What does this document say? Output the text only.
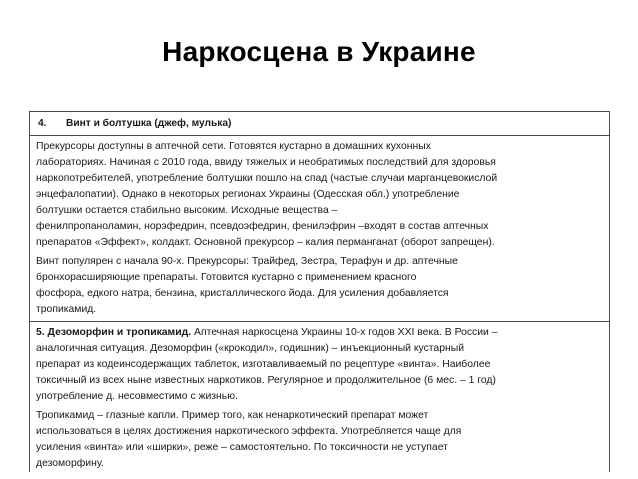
Наркосцена в Украине
4. Винт и болтушка (джеф, мулька)

Прекурсоры доступны в аптечной сети. Готовятся кустарно в домашних кухонных
лабораториях. Начиная с 2010 года, ввиду тяжелых и необратимых последствий для здоровья
наркопотребителей, употребление болтушки пошло на спад (частые случаи марганцевокислой
энцефалопатии). Однако в некоторых регионах Украины (Одесская обл.) употребление
болтушки остается стабильно высоким. Исходные вещества –
фенилпропаноламин, норэфедрин, псевдоэфедрин, фенилэфрин –входят в состав аптечных
препаратов «Эффект», колдакт. Основной прекурсор – калия перманганат (оборот запрещен).

Винт популярен с начала 90-х. Прекурсоры: Трайфед, Зестра, Терафун и др. аптечные
бронхорасширяющие препараты. Готовится кустарно с применением красного
фосфора, едкого натра, бензина, кристаллического йода. Для усиления добавляется
тропикамид.

5. Дезоморфин и тропикамид. Аптечная наркосцена Украины 10-х годов XXI века. В России –
аналогичная ситуация. Дезоморфин («крокодил», годишник) – инъекционный кустарный
препарат из кодеинсодержащих таблеток, изготавливаемый по рецептуре «винта». Наиболее
токсичный из всех ныне известных наркотиков. Регулярное и продолжительное (6 мес. – 1 год)
употребление д. несовместимо с жизнью.

Тропикамид – глазные капли. Пример того, как ненаркотический препарат может
использоваться в целях достижения наркотического эффекта. Употребляется чаще для
усиления «винта» или «ширки», реже – самостоятельно. По токсичности не уступает
дезоморфину.
